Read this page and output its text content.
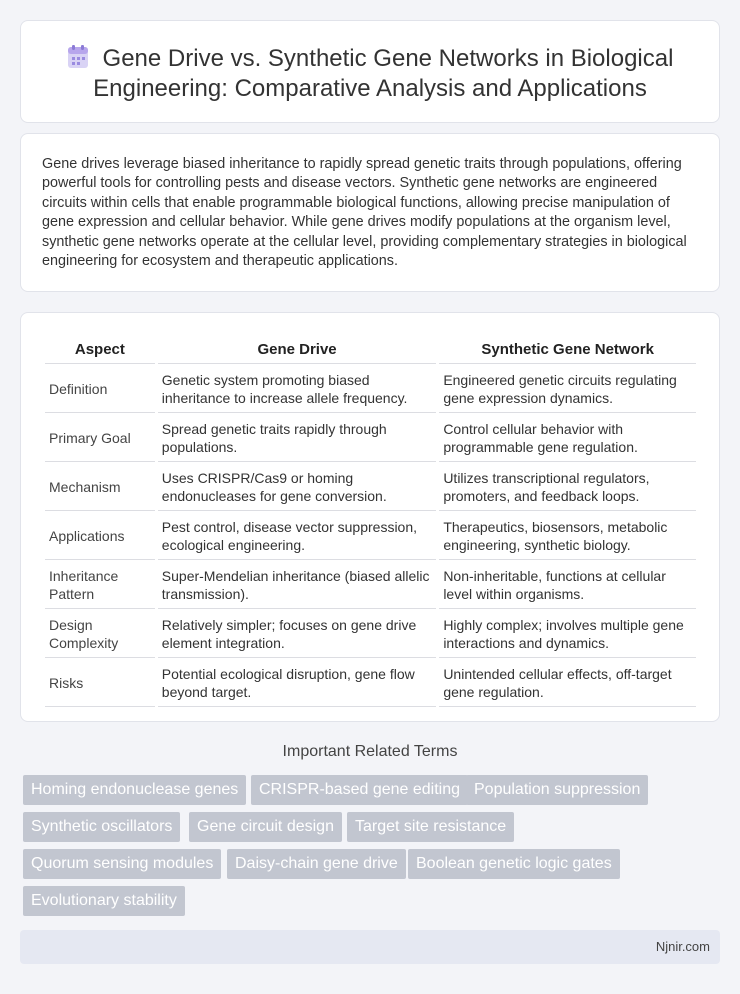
Gene Drive vs. Synthetic Gene Networks in Biological Engineering: Comparative Analysis and Applications

Gene drives leverage biased inheritance to rapidly spread genetic traits through populations, offering powerful tools for controlling pests and disease vectors. Synthetic gene networks are engineered circuits within cells that enable programmable biological functions, allowing precise manipulation of gene expression and cellular behavior. While gene drives modify populations at the organism level, synthetic gene networks operate at the cellular level, providing complementary strategies in biological engineering for ecosystem and therapeutic applications.

Aspect	Gene Drive	Synthetic Gene Network
Definition	Genetic system promoting biased inheritance to increase allele frequency.	Engineered genetic circuits regulating gene expression dynamics.
Primary Goal	Spread genetic traits rapidly through populations.	Control cellular behavior with programmable gene regulation.
Mechanism	Uses CRISPR/Cas9 or homing endonucleases for gene conversion.	Utilizes transcriptional regulators, promoters, and feedback loops.
Applications	Pest control, disease vector suppression, ecological engineering.	Therapeutics, biosensors, metabolic engineering, synthetic biology.
Inheritance Pattern	Super-Mendelian inheritance (biased allelic transmission).	Non-inheritable, functions at cellular level within organisms.
Design Complexity	Relatively simpler; focuses on gene drive element integration.	Highly complex; involves multiple gene interactions and dynamics.
Risks	Potential ecological disruption, gene flow beyond target.	Unintended cellular effects, off-target gene regulation.
Important Related Terms
Homing endonuclease genes	CRISPR-based gene editing Population suppression
Synthetic oscillators	Gene circuit design	Target site resistance
Quorum sensing modules	Daisy-chain gene drive	Boolean genetic logic gates
Evolutionary stability
Njnir.com
